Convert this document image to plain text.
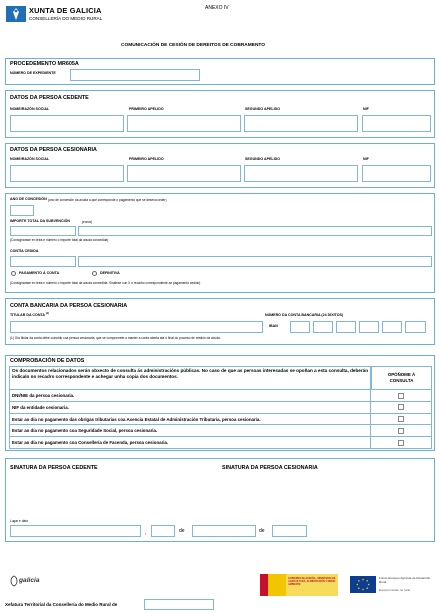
XUNTA DE GALICIA
CONSELLERÍA DO MEDIO RURAL
ANEXO IV
COMUNICACIÓN DE CESIÓN DE DEREITOS DE COBRAMENTO
PROCEDEMENTO MR605A
NÚMERO DE EXPEDIENTE
DATOS DA PERSOA CEDENTE
NOME/RAZÓN SOCIAL	PRIMEIRO APELIDO	SEGUNDO APELIDO	NIF
DATOS DA PERSOA CESIONARIA
NOME/RAZÓN SOCIAL	PRIMEIRO APELIDO	SEGUNDO APELIDO	NIF
ANO DE CONCESIÓN (ano de concesión da axuda a que corresponde o pagamento que se desexa ceder)
IMPORTE TOTAL DA SUBVENCIÓN	(euros)
(Consígnarase en letra e número o importe total da axuda concedida)
CONTÍA CEDIDA
PAGAMENTO Á CONTA	DEFINITIVA
(Consígnarase en letra e número o importe total da axuda concedida. Sinálese cun X o recadro correspondente ao pagamento cedido)
CONTA BANCARIA DA PERSOA CESIONARIA
TITULAR DA CONTA $^{(1)}$	NÚMERO DA CONTA BANCARIA (24 DÍXITOS)
IBAN
(1) O/a titular da conta debe coincidir coa persoa cesionaria, que se compromete a manter a conta aberta ata o final do proceso de xestión da axuda.
COMPROBACIÓN DE DATOS
Os documentos relacionados serán obxecto de consulta ás administracións públicas. No caso de que as persoas interesadas se opoñan a esta consulta, deberán indicalo no recadro correspondente e achegar unha copia dos documentos.	OPÓÑOME Á CONSULTA
DNI/NIE da persoa cesionaria.
NIF da entidade cesionaria.
Estar ao día no pagamento das obrigas tributarias coa Axencia Estatal de Administración Tributaria, persoa cesionaria.
Estar ao día no pagamento coa Seguridade Social, persoa cesionaria.
Estar ao día no pagamento coa Consellería de Facenda, persoa cesionaria.
SINATURA DA PERSOA CEDENTE	SINATURA DA PERSOA CESIONARIA
Lugar e data
,	de	de
galicia	GOBIERNO DE ESPAÑA · MINISTERIO DE AGRICULTURA, ALIMENTACIÓN Y MEDIO AMBIENTE
Fondo Europeo Agrícola de Desarrollo Rural
Europa investe no rural
Xefatura Territorial da Consellería do Medio Rural de
